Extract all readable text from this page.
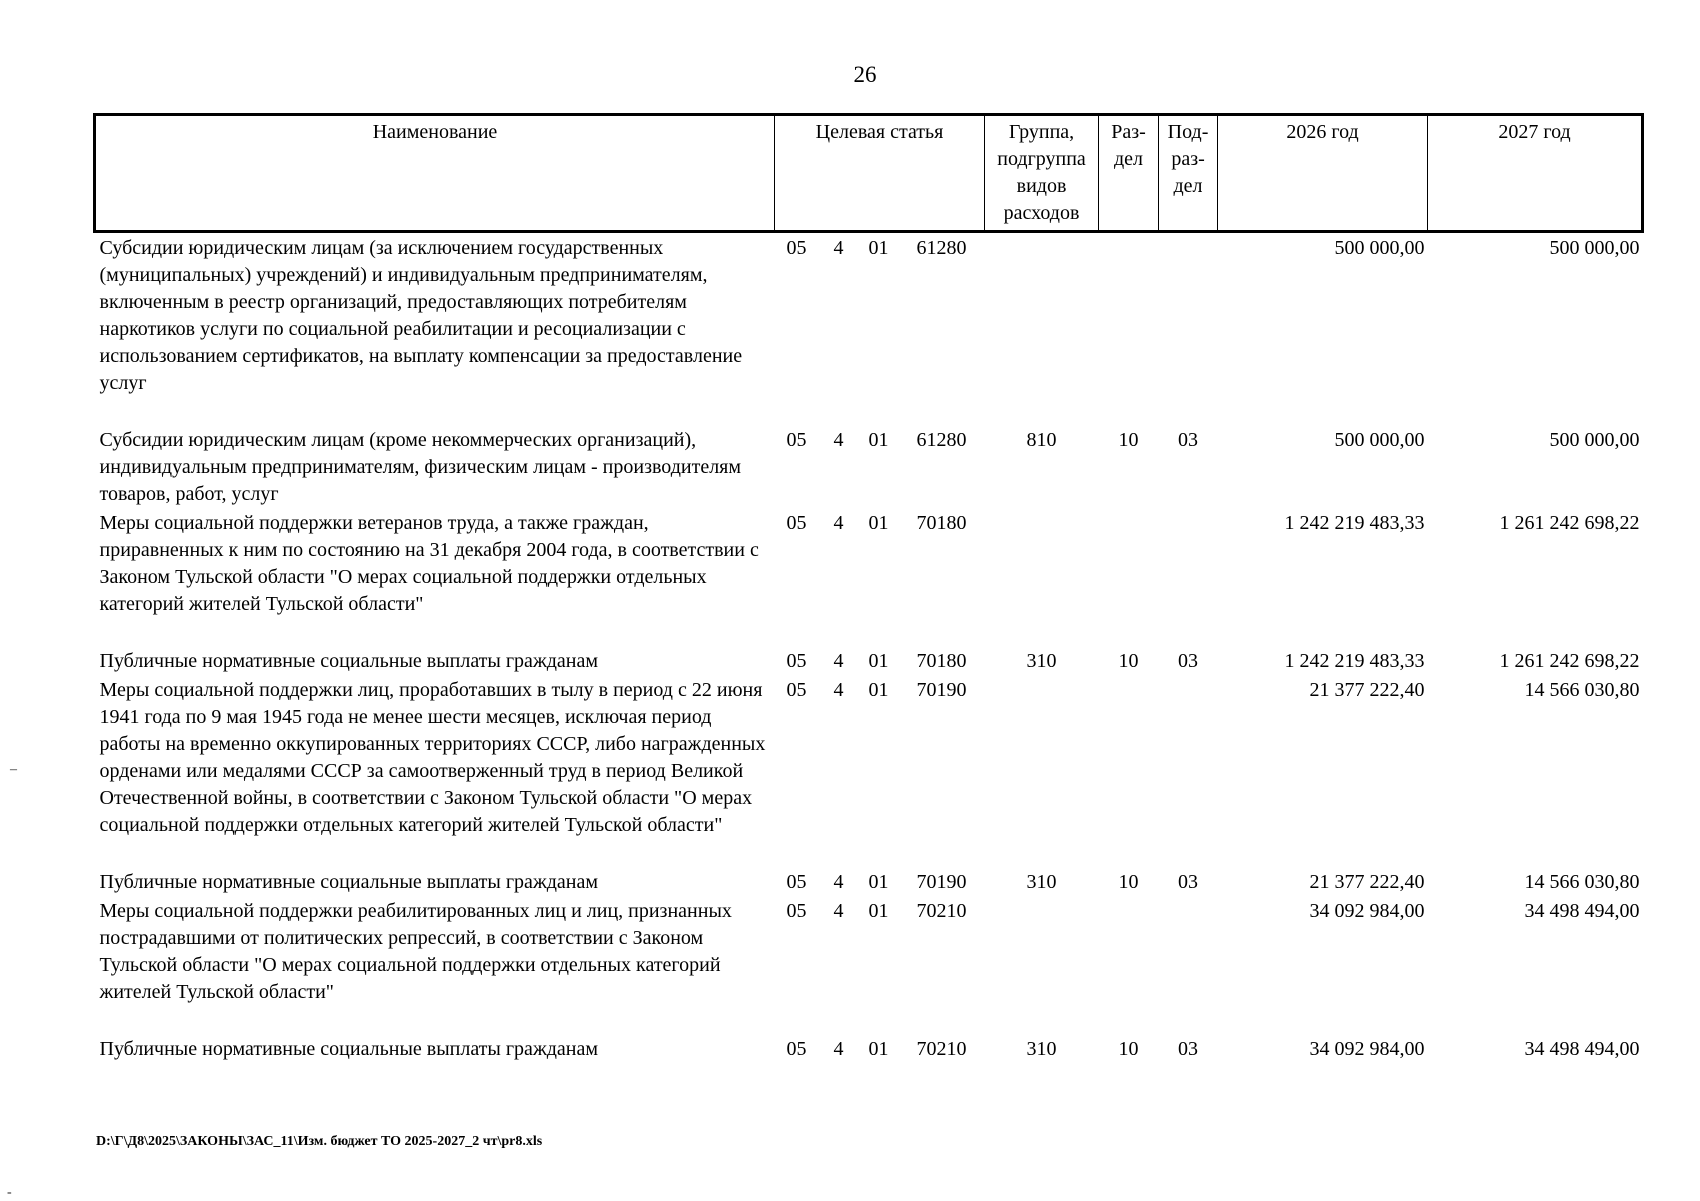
26
Наименование	Целевая статья				Группа,
подгруппа
видов
расходов	Раз-
дел	Под-
раз-
дел	2026 год	2027 год
Субсидии юридическим лицам (за исключением государственных (муниципальных) учреждений) и индивидуальным предпринимателям, включенным в реестр организаций, предоставляющих потребителям наркотиков услуги по социальной реабилитации и ресоциализации с использованием сертификатов, на выплату компенсации за предоставление услуг	05	4	01	61280				500 000,00	500 000,00
Субсидии юридическим лицам (кроме некоммерческих организаций), индивидуальным предпринимателям, физическим лицам - производителям товаров, работ, услуг	05	4	01	61280	810	10	03	500 000,00	500 000,00
Меры социальной поддержки ветеранов труда, а также граждан, приравненных к ним по состоянию на 31 декабря 2004 года, в соответствии с Законом Тульской области "О мерах социальной поддержки отдельных категорий жителей Тульской области"	05	4	01	70180				1 242 219 483,33	1 261 242 698,22
Публичные нормативные социальные выплаты гражданам	05	4	01	70180	310	10	03	1 242 219 483,33	1 261 242 698,22
Меры социальной поддержки лиц, проработавших в тылу в период с 22 июня 1941 года по 9 мая 1945 года не менее шести месяцев, исключая период работы на временно оккупированных территориях СССР, либо награжденных орденами или медалями СССР за самоотверженный труд в период Великой Отечественной войны, в соответствии с Законом Тульской области "О мерах социальной поддержки отдельных категорий жителей Тульской области"	05	4	01	70190				21 377 222,40	14 566 030,80
Публичные нормативные социальные выплаты гражданам	05	4	01	70190	310	10	03	21 377 222,40	14 566 030,80
Меры социальной поддержки реабилитированных лиц и лиц, признанных пострадавшими от политических репрессий, в соответствии с Законом Тульской области "О мерах социальной поддержки отдельных категорий жителей Тульской области"	05	4	01	70210				34 092 984,00	34 498 494,00
Публичные нормативные социальные выплаты гражданам	05	4	01	70210	310	10	03	34 092 984,00	34 498 494,00
D:\Г\Д8\2025\ЗАКОНЫ\ЗАС_11\Изм. бюджет ТО 2025-2027_2 чт\pr8.xls
–
-
